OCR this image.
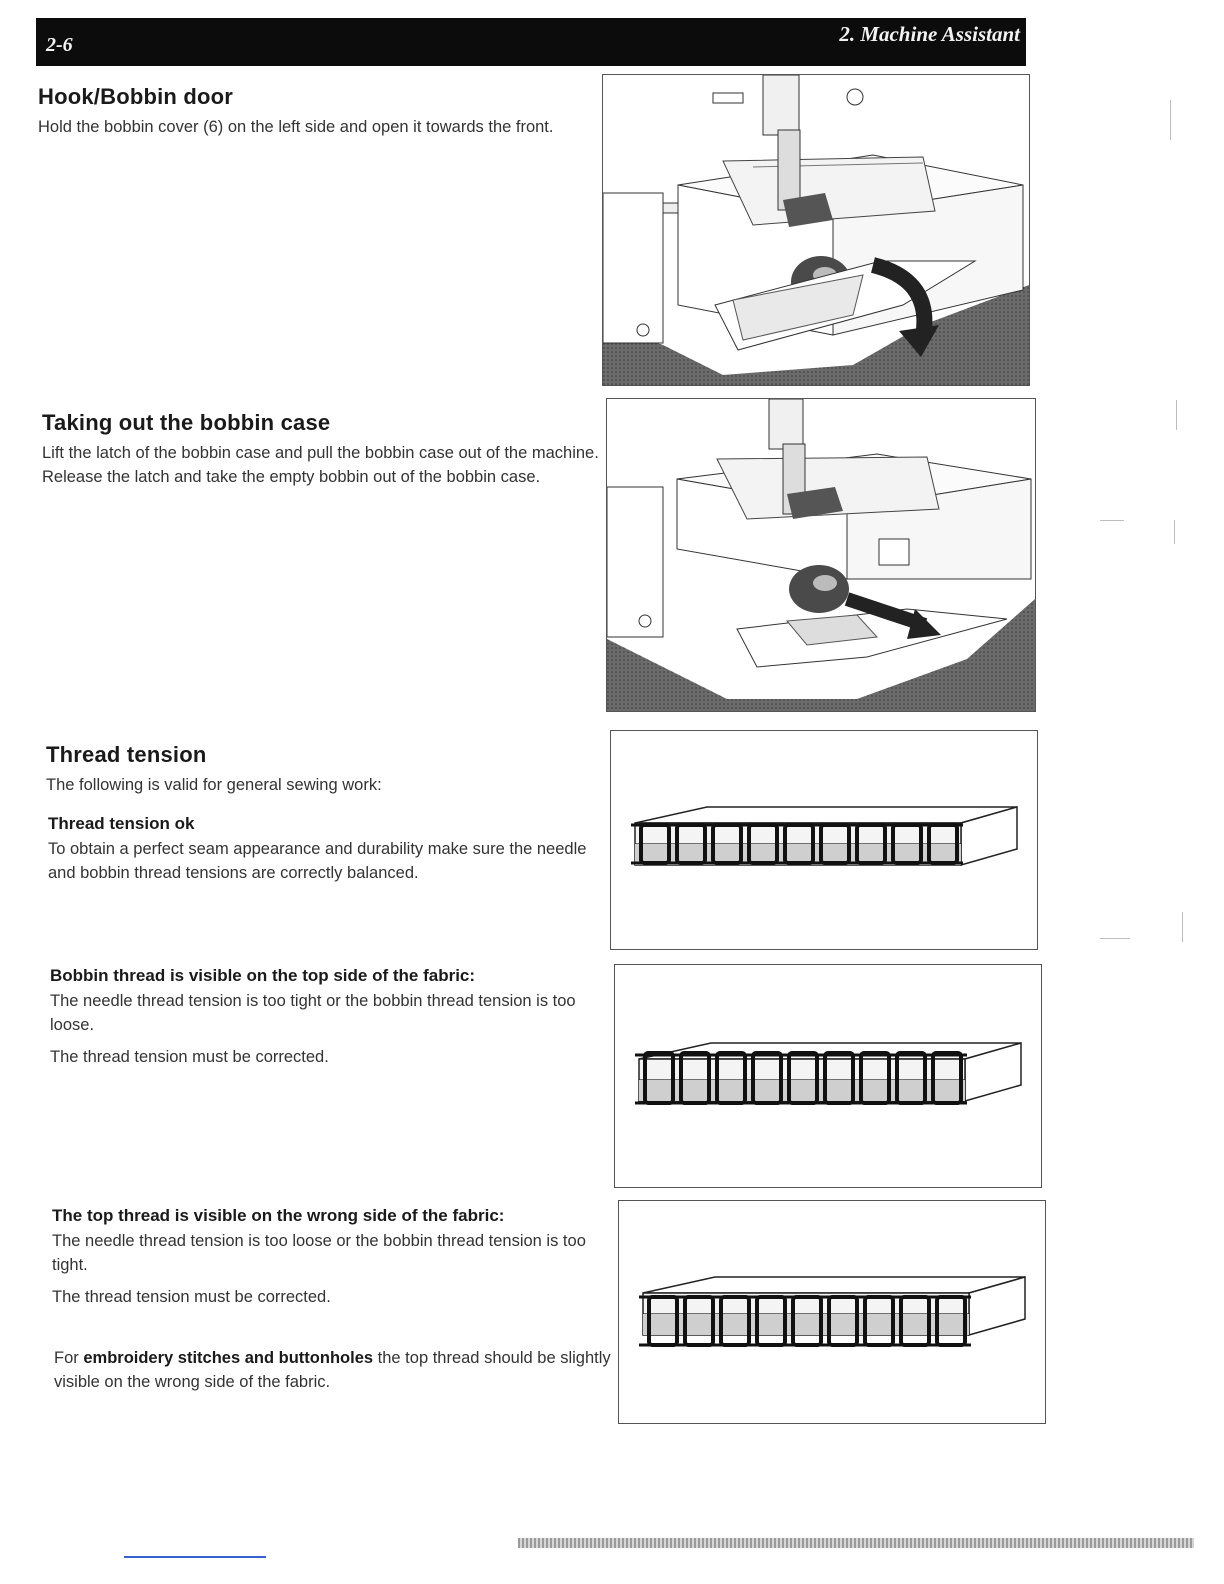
2-6	2. Machine Assistant
Hook/Bobbin door

Hold the bobbin cover (6) on the left side and open it towards the front.

Taking out the bobbin case

Lift the latch of the bobbin case and pull the bobbin case out of the machine. Release the latch and take the empty bobbin out of the bobbin case.

Thread tension

The following is valid for general sewing work:

Thread tension ok

To obtain a perfect seam appearance and durability make sure the needle and bobbin thread tensions are correctly balanced.

Bobbin thread is visible on the top side of the fabric:

The needle thread tension is too tight or the bobbin thread tension is too loose.

The thread tension must be corrected.

The top thread is visible on the wrong side of the fabric:

The needle thread tension is too loose or the bobbin thread tension is too tight.

The thread tension must be corrected.

For embroidery stitches and buttonholes the top thread should be slightly visible on the wrong side of the fabric.
